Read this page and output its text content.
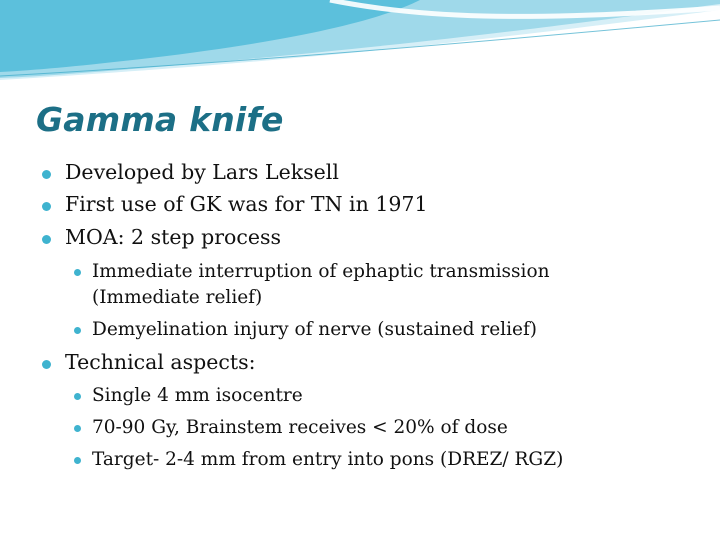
Gamma knife
Developed by Lars Leksell
First use of GK was for TN in 1971
MOA: 2 step process
Immediate interruption of ephaptic transmission
(Immediate relief)
Demyelination injury of nerve (sustained relief)
Technical aspects:
Single 4 mm isocentre
70-90 Gy, Brainstem receives < 20% of dose
Target- 2-4 mm from entry into pons (DREZ/ RGZ)
